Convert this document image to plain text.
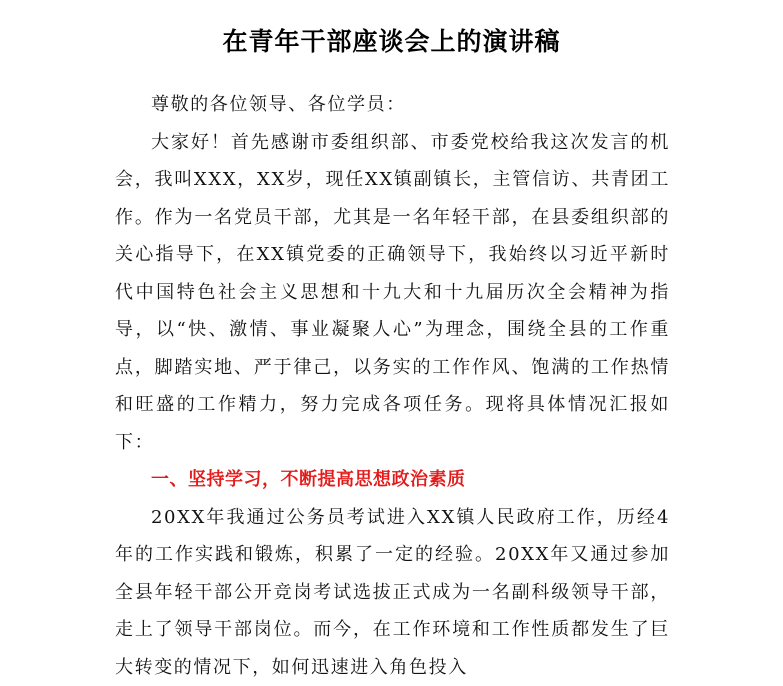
在青年干部座谈会上的演讲稿

尊敬的各位领导、各位学员：

大家好！首先感谢市委组织部、市委党校给我这次发言的机会，我叫XXX，XX岁，现任XX镇副镇长，主管信访、共青团工作。作为一名党员干部，尤其是一名年轻干部，在县委组织部的关心指导下，在XX镇党委的正确领导下，我始终以习近平新时代中国特色社会主义思想和十九大和十九届历次全会精神为指导，以“快、激情、事业凝聚人心”为理念，围绕全县的工作重点，脚踏实地、严于律己，以务实的工作作风、饱满的工作热情和旺盛的工作精力，努力完成各项任务。现将具体情况汇报如下：

一、坚持学习，不断提高思想政治素质

20XX年我通过公务员考试进入XX镇人民政府工作，历经4年的工作实践和锻炼，积累了一定的经验。20XX年又通过参加全县年轻干部公开竞岗考试选拔正式成为一名副科级领导干部，走上了领导干部岗位。而今，在工作环境和工作性质都发生了巨大转变的情况下，如何迅速进入角色投入
